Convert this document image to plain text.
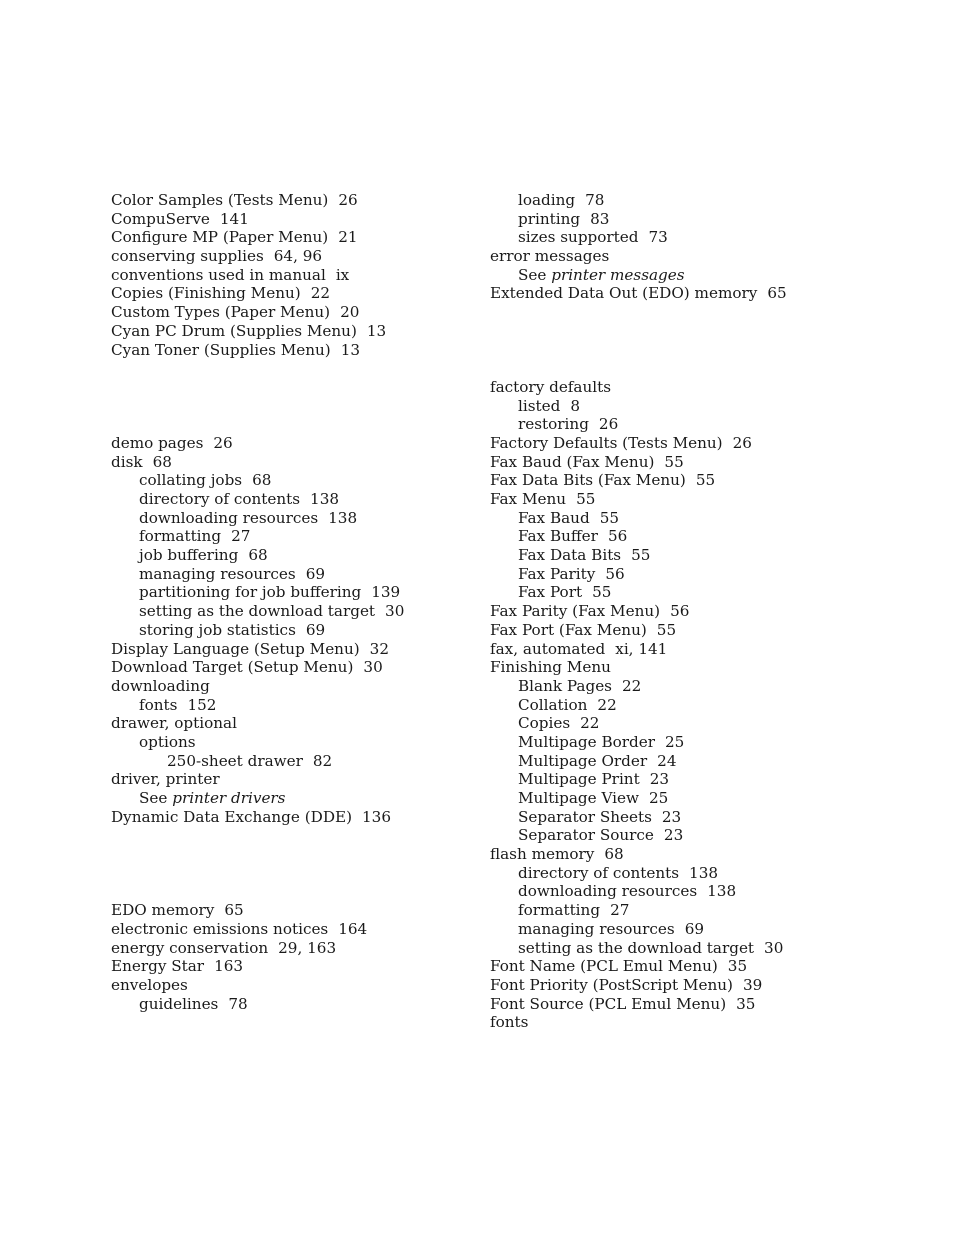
Color Samples (Tests Menu) 26
CompuServe 141
Configure MP (Paper Menu) 21
conserving supplies 64, 96
conventions used in manual ix
Copies (Finishing Menu) 22
Custom Types (Paper Menu) 20
Cyan PC Drum (Supplies Menu) 13
Cyan Toner (Supplies Menu) 13
demo pages 26
disk 68
collating jobs 68
directory of contents 138
downloading resources 138
formatting 27
job buffering 68
managing resources 69
partitioning for job buffering 139
setting as the download target 30
storing job statistics 69
Display Language (Setup Menu) 32
Download Target (Setup Menu) 30
downloading
fonts 152
drawer, optional
options
250-sheet drawer 82
driver, printer
See printer drivers
Dynamic Data Exchange (DDE) 136
EDO memory 65
electronic emissions notices 164
energy conservation 29, 163
Energy Star 163
envelopes
guidelines 78
loading 78
printing 83
sizes supported 73
error messages
See printer messages
Extended Data Out (EDO) memory 65
factory defaults
listed 8
restoring 26
Factory Defaults (Tests Menu) 26
Fax Baud (Fax Menu) 55
Fax Data Bits (Fax Menu) 55
Fax Menu 55
Fax Baud 55
Fax Buffer 56
Fax Data Bits 55
Fax Parity 56
Fax Port 55
Fax Parity (Fax Menu) 56
Fax Port (Fax Menu) 55
fax, automated xi, 141
Finishing Menu
Blank Pages 22
Collation 22
Copies 22
Multipage Border 25
Multipage Order 24
Multipage Print 23
Multipage View 25
Separator Sheets 23
Separator Source 23
flash memory 68
directory of contents 138
downloading resources 138
formatting 27
managing resources 69
setting as the download target 30
Font Name (PCL Emul Menu) 35
Font Priority (PostScript Menu) 39
Font Source (PCL Emul Menu) 35
fonts
